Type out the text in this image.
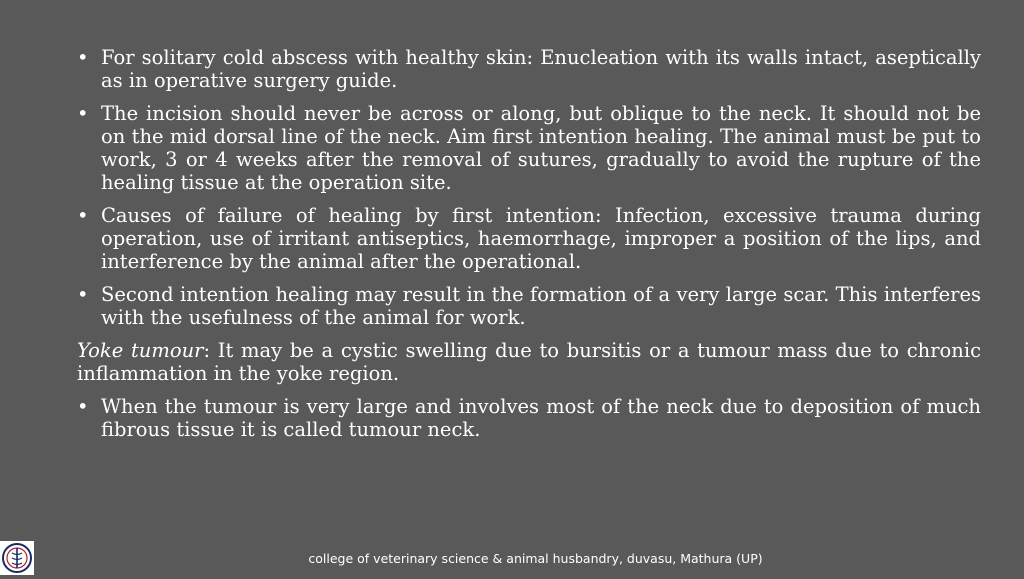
• For solitary cold abscess with healthy skin: Enucleation with its walls intact, aseptically as in operative surgery guide.
• The incision should never be across or along, but oblique to the neck. It should not be on the mid dorsal line of the neck. Aim first intention healing. The animal must be put to work, 3 or 4 weeks after the removal of sutures, gradually to avoid the rupture of the healing tissue at the operation site.
• Causes of failure of healing by first intention: Infection, excessive trauma during operation, use of irritant antiseptics, haemorrhage, improper a position of the lips, and interference by the animal after the operational.
• Second intention healing may result in the formation of a very large scar. This interferes with the usefulness of the animal for work.
Yoke tumour: It may be a cystic swelling due to bursitis or a tumour mass due to chronic inflammation in the yoke region.
• When the tumour is very large and involves most of the neck due to deposition of much fibrous tissue it is called tumour neck.
college of veterinary science & animal husbandry, duvasu, Mathura (UP)
